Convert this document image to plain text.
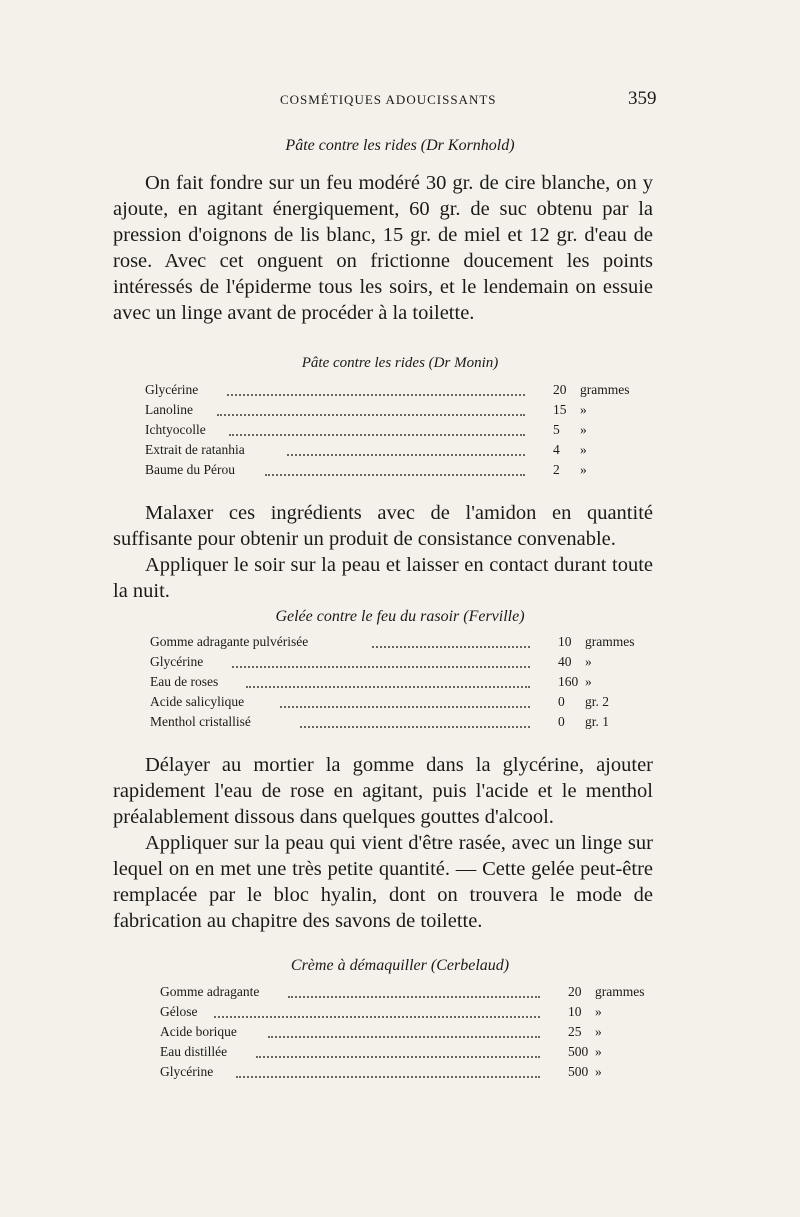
COSMÉTIQUES ADOUCISSANTS	359
Pâte contre les rides (Dr Kornhold)

On fait fondre sur un feu modéré 30 gr. de cire blanche, on y ajoute, en agitant énergiquement, 60 gr. de suc obtenu par la pression d'oignons de lis blanc, 15 gr. de miel et 12 gr. d'eau de rose. Avec cet onguent on frictionne doucement les points intéressés de l'épiderme tous les soirs, et le lendemain on essuie avec un linge avant de procéder à la toilette.

Pâte contre les rides (Dr Monin)
Glycérine	20 grammes
Lanoline	15 »
Ichtyocolle	5 »
Extrait de ratanhia	4 »
Baume du Pérou	2 »

Malaxer ces ingrédients avec de l'amidon en quantité suffisante pour obtenir un produit de consistance convenable.

Appliquer le soir sur la peau et laisser en contact durant toute la nuit.

Gelée contre le feu du rasoir (Ferville)
Gomme adragante pulvérisée	10 grammes
Glycérine	40 »
Eau de roses	160 »
Acide salicylique	0 gr. 2
Menthol cristallisé	0 gr. 1

Délayer au mortier la gomme dans la glycérine, ajouter rapidement l'eau de rose en agitant, puis l'acide et le menthol préalablement dissous dans quelques gouttes d'alcool.

Appliquer sur la peau qui vient d'être rasée, avec un linge sur lequel on en met une très petite quantité. — Cette gelée peut-être remplacée par le bloc hyalin, dont on trouvera le mode de fabrication au chapitre des savons de toilette.

Crème à démaquiller (Cerbelaud)
Gomme adragante	20 grammes
Gélose	10 »
Acide borique	25 »
Eau distillée	500 »
Glycérine	500 »
